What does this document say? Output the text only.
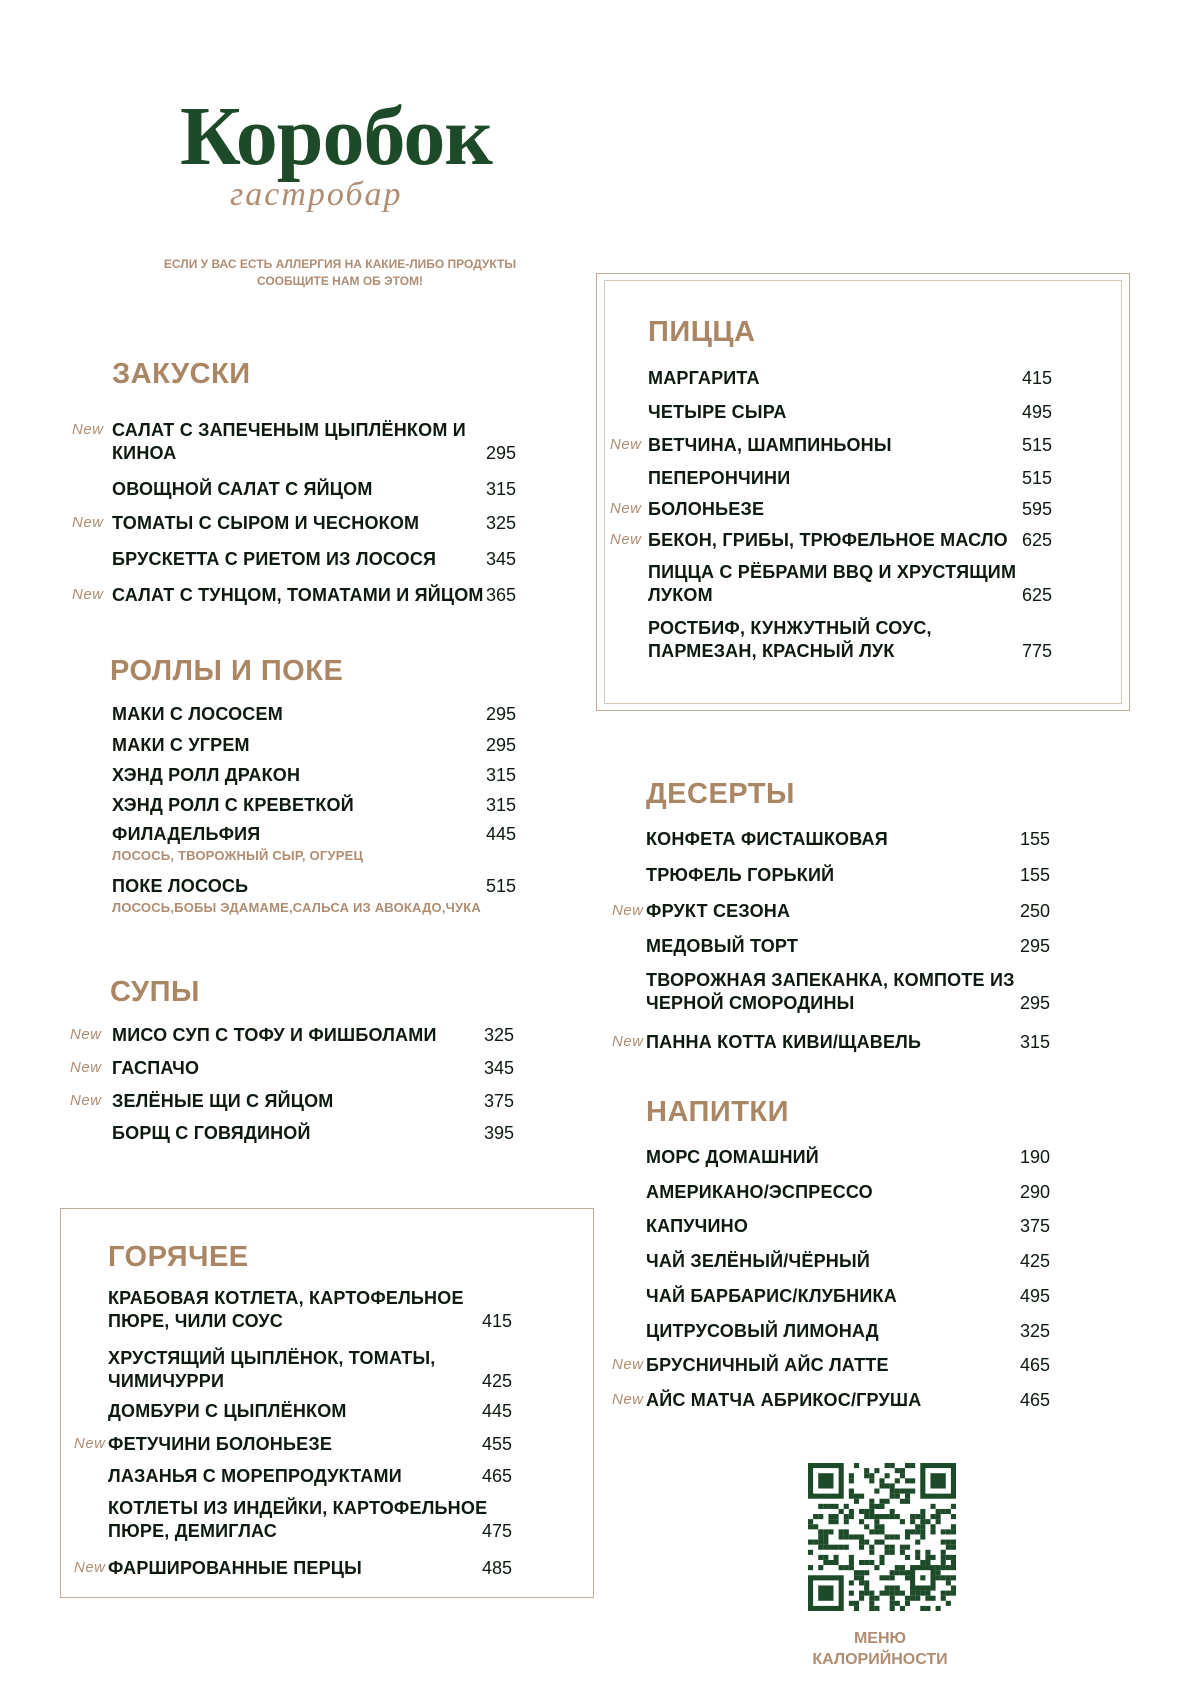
Коробок
гастробар
ЕСЛИ У ВАС ЕСТЬ АЛЛЕРГИЯ НА КАКИЕ-ЛИБО ПРОДУКТЫ СООБЩИТЕ НАМ ОБ ЭТОМ!
ЗАКУСКИ
РОЛЛЫ И ПОКЕ
СУПЫ
ГОРЯЧЕЕ
ПИЦЦА
ДЕСЕРТЫ
НАПИТКИ
САЛАТ С ЗАПЕЧЕНЫМ ЦЫПЛЁНКОМ И КИНОА	295
New
ОВОЩНОЙ САЛАТ С ЯЙЦОМ	315
ТОМАТЫ С СЫРОМ И ЧЕСНОКОМ	325
New
БРУСКЕТТА С РИЕТОМ ИЗ ЛОСОСЯ	345
САЛАТ С ТУНЦОМ, ТОМАТАМИ И ЯЙЦОМ 365
New
МАКИ С ЛОСОСЕМ	295
МАКИ С УГРЕМ	295
ХЭНД РОЛЛ ДРАКОН	315
ХЭНД РОЛЛ С КРЕВЕТКОЙ	315
ФИЛАДЕЛЬФИЯ	445
ЛОСОСЬ, ТВОРОЖНЫЙ СЫР, ОГУРЕЦ
ПОКЕ ЛОСОСЬ	515
ЛОСОСЬ,БОБЫ ЭДАМАМЕ,САЛЬСА ИЗ АВОКАДО,ЧУКА
МИСО СУП С ТОФУ И ФИШБОЛАМИ	325
New
ГАСПАЧО	345
New
ЗЕЛЁНЫЕ ЩИ С ЯЙЦОМ	375
New
БОРЩ С ГОВЯДИНОЙ	395
КРАБОВАЯ КОТЛЕТА, КАРТОФЕЛЬНОЕ ПЮРЕ, ЧИЛИ СОУС	415
ХРУСТЯЩИЙ ЦЫПЛЁНОК, ТОМАТЫ, ЧИМИЧУРРИ	425
ДОМБУРИ С ЦЫПЛЁНКОМ	445
ФЕТУЧИНИ БОЛОНЬЕЗЕ	455
New
ЛАЗАНЬЯ С МОРЕПРОДУКТАМИ	465
КОТЛЕТЫ ИЗ ИНДЕЙКИ, КАРТОФЕЛЬНОЕ ПЮРЕ, ДЕМИГЛАС	475
ФАРШИРОВАННЫЕ ПЕРЦЫ	485
New
МАРГАРИТА	415
ЧЕТЫРЕ СЫРА	495
ВЕТЧИНА, ШАМПИНЬОНЫ	515
New
ПЕПЕРОНЧИНИ	515
БОЛОНЬЕЗЕ	595
New
БЕКОН, ГРИБЫ, ТРЮФЕЛЬНОЕ МАСЛО 625
New
ПИЦЦА С РЁБРАМИ BBQ И ХРУСТЯЩИМ ЛУКОМ	625
РОСТБИФ, КУНЖУТНЫЙ СОУС, ПАРМЕЗАН, КРАСНЫЙ ЛУК	775
КОНФЕТА ФИСТАШКОВАЯ	155
ТРЮФЕЛЬ ГОРЬКИЙ	155
ФРУКТ СЕЗОНА	250
New
МЕДОВЫЙ ТОРТ	295
ТВОРОЖНАЯ ЗАПЕКАНКА, КОМПОТЕ ИЗ ЧЕРНОЙ СМОРОДИНЫ	295
ПАННА КОТТА КИВИ/ЩАВЕЛЬ	315
New
МОРС ДОМАШНИЙ	190
АМЕРИКАНО/ЭСПРЕССО	290
КАПУЧИНО	375
ЧАЙ ЗЕЛЁНЫЙ/ЧЁРНЫЙ	425
ЧАЙ БАРБАРИС/КЛУБНИКА	495
ЦИТРУСОВЫЙ ЛИМОНАД	325
БРУСНИЧНЫЙ АЙС ЛАТТЕ	465
New
АЙС МАТЧА АБРИКОС/ГРУША	465
New
МЕНЮ
КАЛОРИЙНОСТИ
